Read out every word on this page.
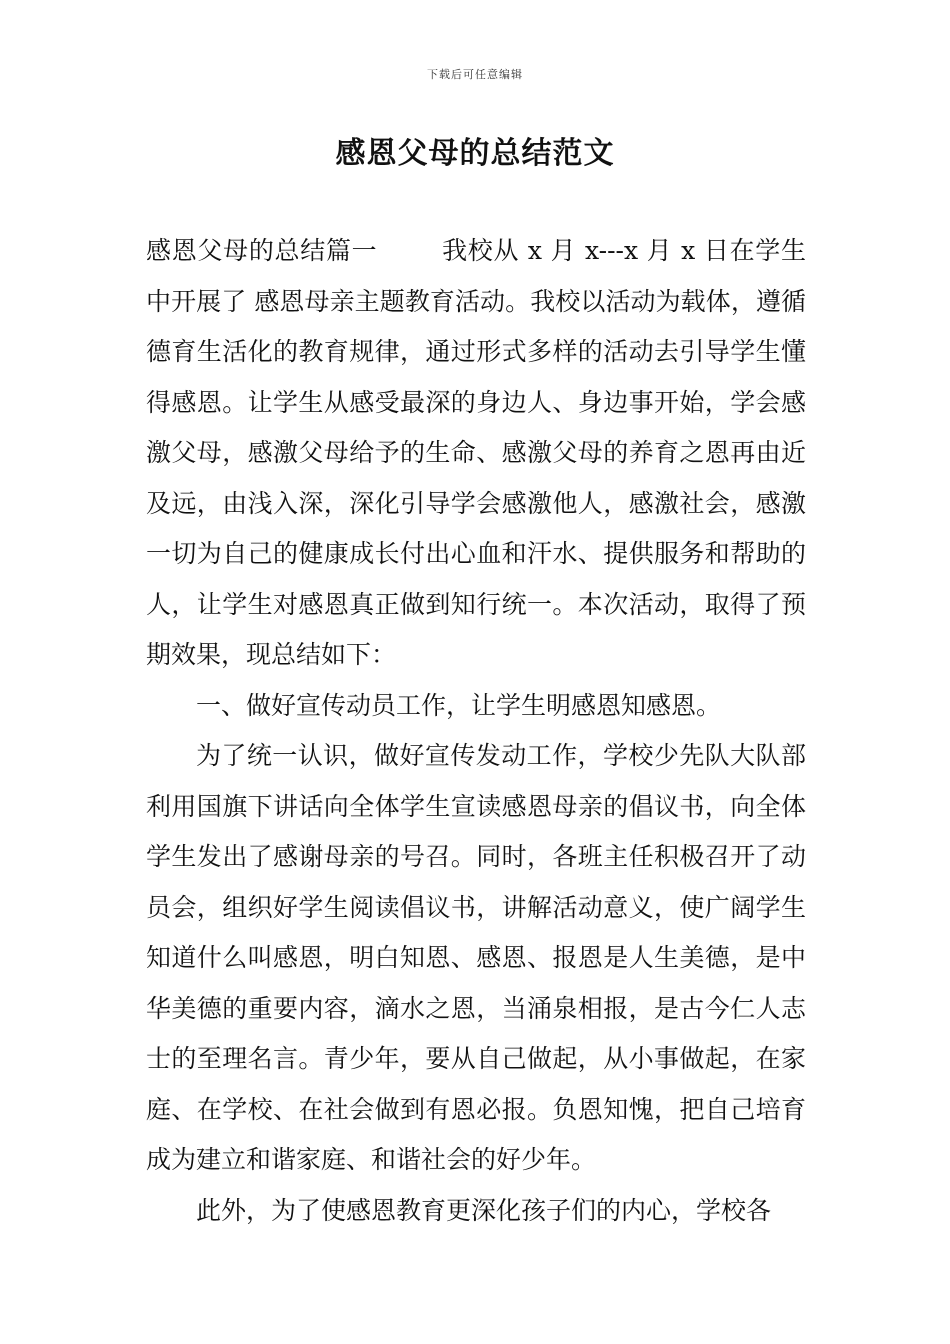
下载后可任意编辑
感恩父母的总结范文

感恩父母的总结篇一	我校从 x 月 x---x 月 x 日在学生中开展了 感恩母亲主题教育活动。我校以活动为载体，遵循德育生活化的教育规律，通过形式多样的活动去引导学生懂得感恩。让学生从感受最深的身边人、身边事开始，学会感激父母，感激父母给予的生命、感激父母的养育之恩再由近及远，由浅入深，深化引导学会感激他人，感激社会，感激一切为自己的健康成长付出心血和汗水、提供服务和帮助的人，让学生对感恩真正做到知行统一。本次活动，取得了预期效果，现总结如下：

一、做好宣传动员工作，让学生明感恩知感恩。

为了统一认识，做好宣传发动工作，学校少先队大队部利用国旗下讲话向全体学生宣读感恩母亲的倡议书，向全体学生发出了感谢母亲的号召。同时，各班主任积极召开了动员会，组织好学生阅读倡议书，讲解活动意义，使广阔学生知道什么叫感恩，明白知恩、感恩、报恩是人生美德，是中华美德的重要内容，滴水之恩，当涌泉相报，是古今仁人志士的至理名言。青少年，要从自己做起，从小事做起，在家庭、在学校、在社会做到有恩必报。负恩知愧，把自己培育成为建立和谐家庭、和谐社会的好少年。

此外，为了使感恩教育更深化孩子们的内心，学校各
